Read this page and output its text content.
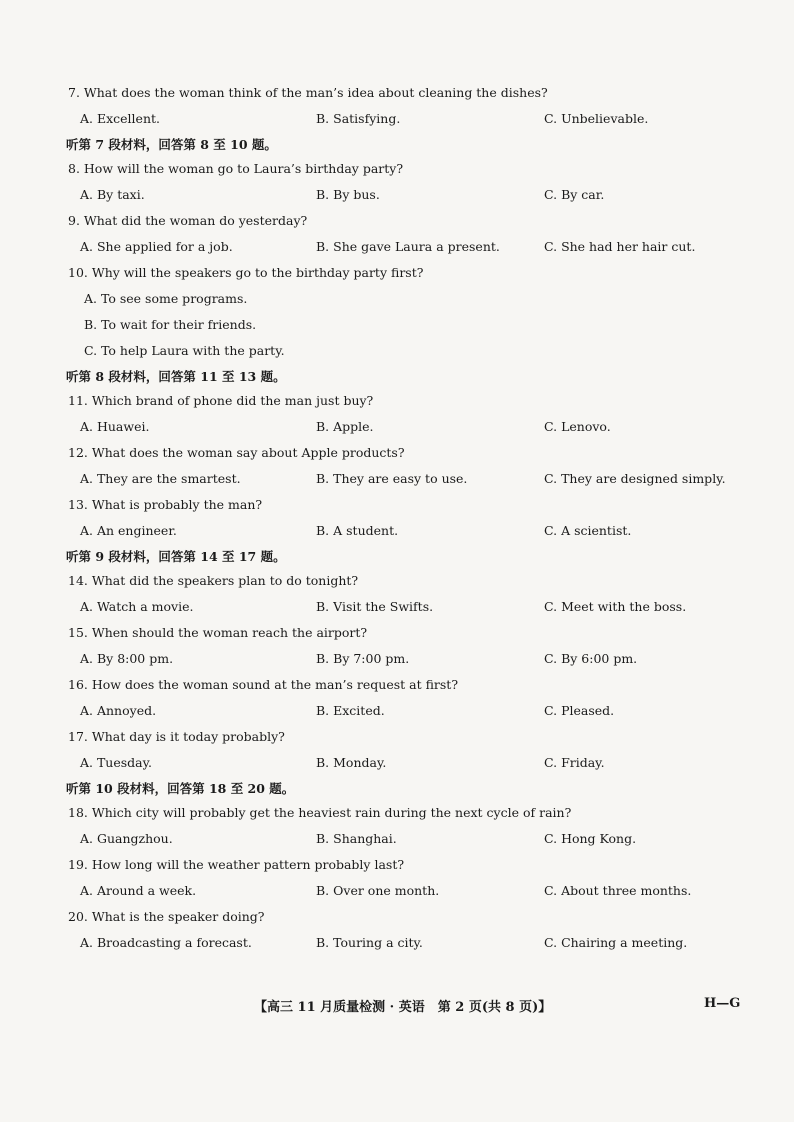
7. What does the woman think of the man’s idea about cleaning the dishes?
A. Excellent.	B. Satisfying.	C. Unbelievable.
听第 7 段材料，回答第 8 至 10 题。
8. How will the woman go to Laura’s birthday party?
A. By taxi.	B. By bus.	C. By car.
9. What did the woman do yesterday?
A. She applied for a job.	B. She gave Laura a present.	C. She had her hair cut.
10. Why will the speakers go to the birthday party first?
A. To see some programs.
B. To wait for their friends.
C. To help Laura with the party.
听第 8 段材料，回答第 11 至 13 题。
11. Which brand of phone did the man just buy?
A. Huawei.	B. Apple.	C. Lenovo.
12. What does the woman say about Apple products?
A. They are the smartest.	B. They are easy to use.	C. They are designed simply.
13. What is probably the man?
A. An engineer.	B. A student.	C. A scientist.
听第 9 段材料，回答第 14 至 17 题。
14. What did the speakers plan to do tonight?
A. Watch a movie.	B. Visit the Swifts.	C. Meet with the boss.
15. When should the woman reach the airport?
A. By 8:00 pm.	B. By 7:00 pm.	C. By 6:00 pm.
16. How does the woman sound at the man’s request at first?
A. Annoyed.	B. Excited.	C. Pleased.
17. What day is it today probably?
A. Tuesday.	B. Monday.	C. Friday.
听第 10 段材料，回答第 18 至 20 题。
18. Which city will probably get the heaviest rain during the next cycle of rain?
A. Guangzhou.	B. Shanghai.	C. Hong Kong.
19. How long will the weather pattern probably last?
A. Around a week.	B. Over one month.	C. About three months.
20. What is the speaker doing?
A. Broadcasting a forecast.	B. Touring a city.	C. Chairing a meeting.
【高三 11 月质量检测 · 英语　第 2 页(共 8 页)】	H—G
